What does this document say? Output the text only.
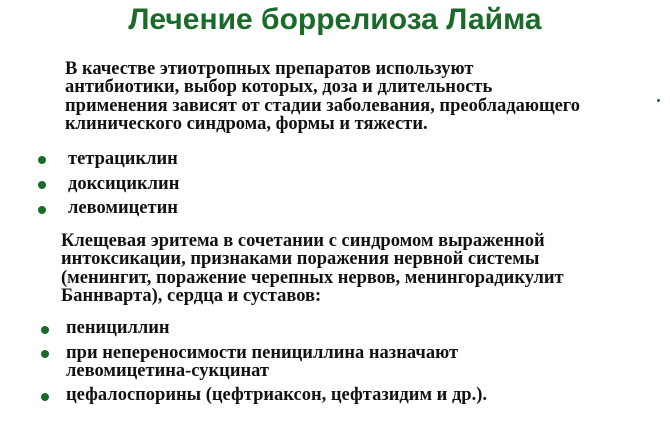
Лечение боррелиоза Лайма
В качестве этиотропных препаратов используют
антибиотики, выбор которых, доза и длительность
применения зависят от стадии заболевания, преобладающего
клинического синдрома, формы и тяжести.
тетрациклин
доксициклин
левомицетин
Клещевая эритема в сочетании с синдромом выраженной
интоксикации, признаками поражения нервной системы
(менингит, поражение черепных нервов, менингорадикулит
Баннварта), сердца и суставов:
пенициллин
при непереносимости пенициллина назначают
левомицетина-сукцинат
цефалоспорины (цефтриаксон, цефтазидим и др.).
